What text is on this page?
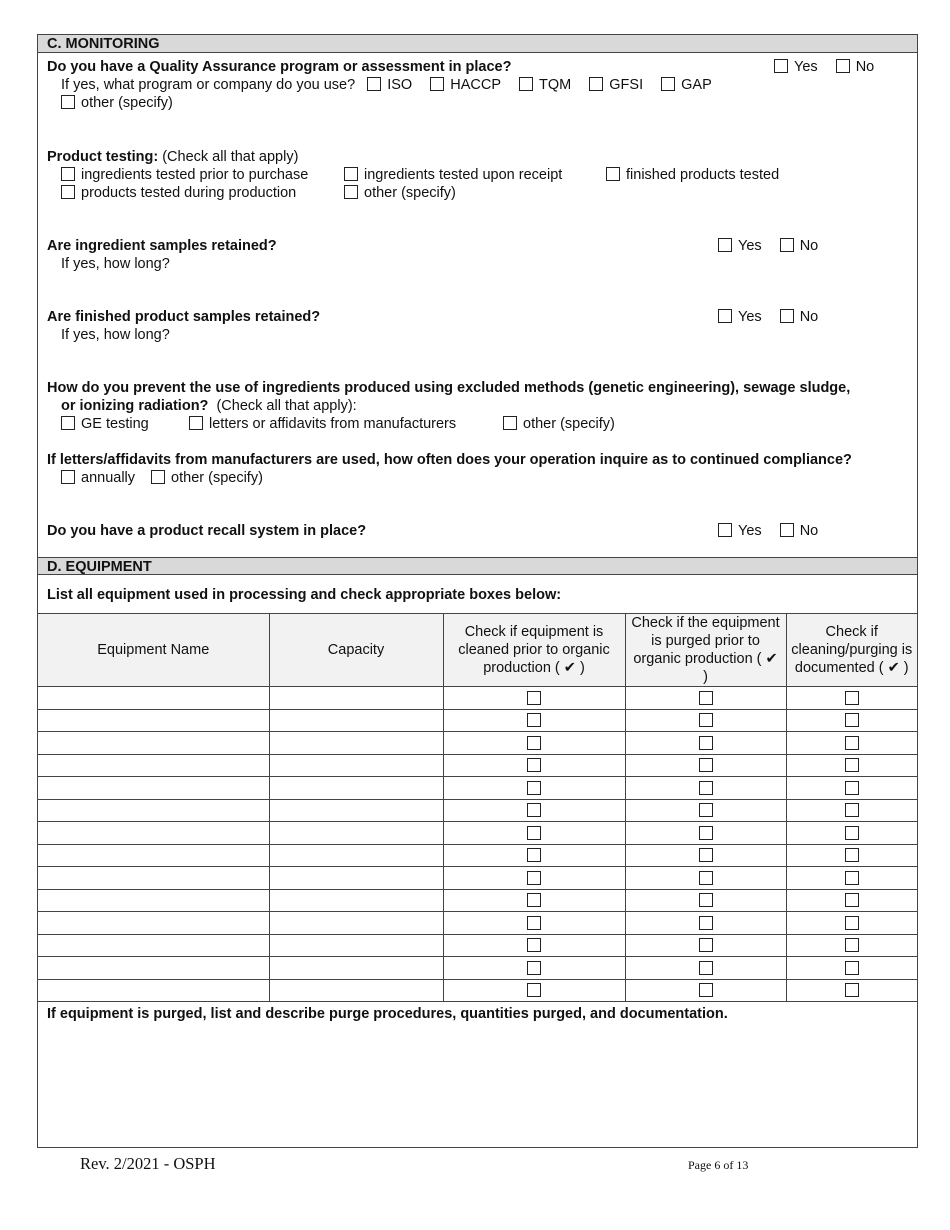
C. MONITORING
Do you have a Quality Assurance program or assessment in place?	Yes	No
If yes, what program or company do you use? ISO	HACCP	TQM	GFSI	GAP
other (specify)
Product testing: (Check all that apply)
ingredients tested prior to purchase	ingredients tested upon receipt	finished products tested
products tested during production	other (specify)
Are ingredient samples retained?	Yes	No
If yes, how long?
Are finished product samples retained?	Yes	No
If yes, how long?
How do you prevent the use of ingredients produced using excluded methods (genetic engineering), sewage sludge,
or ionizing radiation? (Check all that apply):
GE testing	letters or affidavits from manufacturers	other (specify)
If letters/affidavits from manufacturers are used, how often does your operation inquire as to continued compliance?
annually other (specify)
Do you have a product recall system in place?	Yes	No
D. EQUIPMENT
List all equipment used in processing and check appropriate boxes below:
Equipment Name	Capacity	Check if equipment is cleaned prior to organic production ( ✔ )	Check if the equipment is purged prior to organic production ( ✔ )	Check if cleaning/purging is documented ( ✔ )

If equipment is purged, list and describe purge procedures, quantities purged, and documentation.
Rev. 2/2021 - OSPH	Page 6 of 13
